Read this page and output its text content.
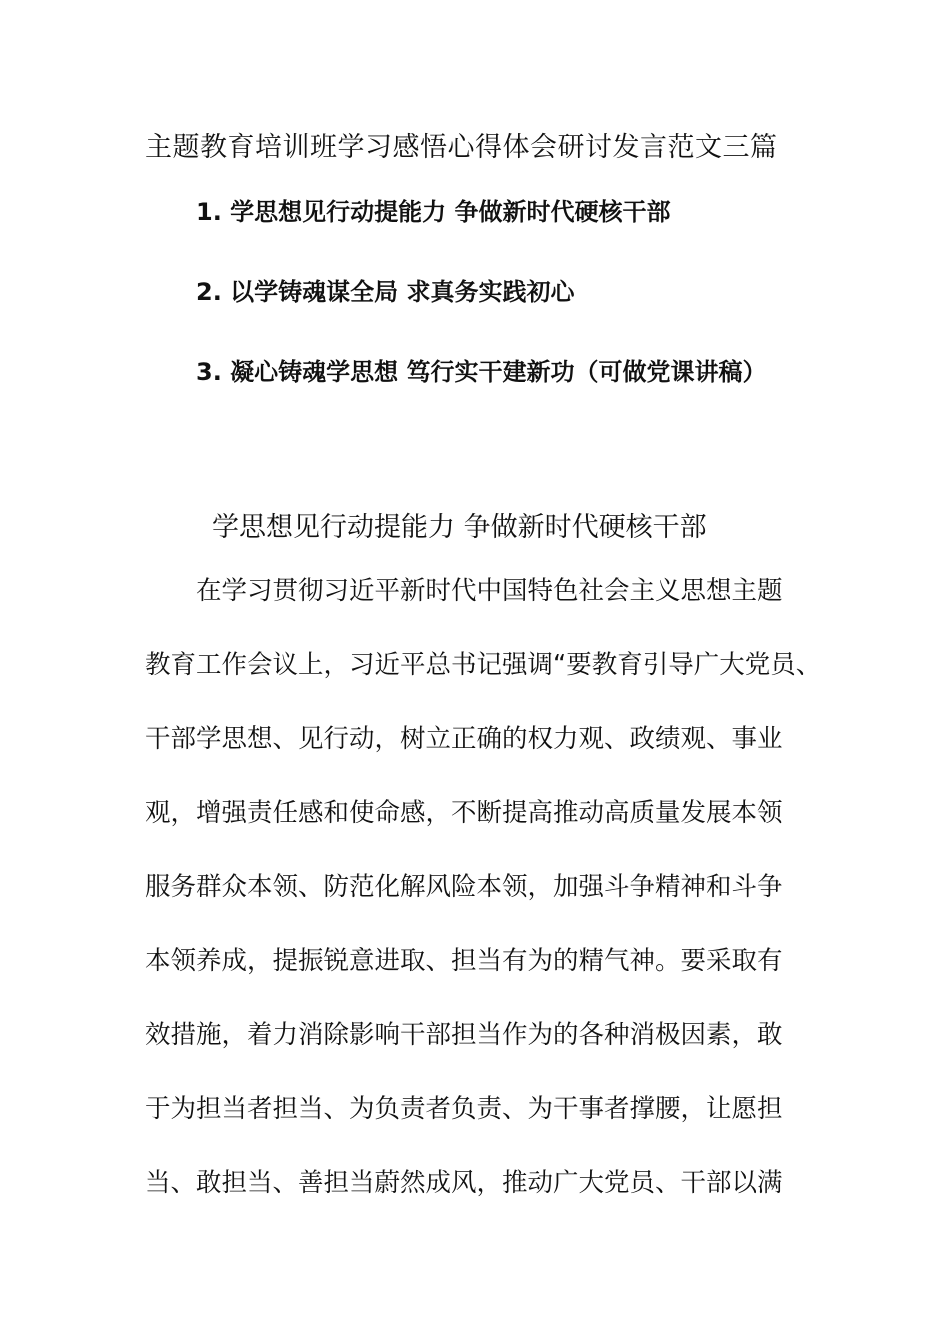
主题教育培训班学习感悟心得体会研讨发言范文三篇
1. 学思想见行动提能力 争做新时代硬核干部
2. 以学铸魂谋全局 求真务实践初心
3. 凝心铸魂学思想 笃行实干建新功（可做党课讲稿）
学思想见行动提能力 争做新时代硬核干部
在学习贯彻习近平新时代中国特色社会主义思想主题
教育工作会议上，习近平总书记强调“要教育引导广大党员、
干部学思想、见行动，树立正确的权力观、政绩观、事业
观，增强责任感和使命感，不断提高推动高质量发展本领
服务群众本领、防范化解风险本领，加强斗争精神和斗争
本领养成，提振锐意进取、担当有为的精气神。要采取有
效措施，着力消除影响干部担当作为的各种消极因素，敢
于为担当者担当、为负责者负责、为干事者撑腰，让愿担
当、敢担当、善担当蔚然成风，推动广大党员、干部以满
